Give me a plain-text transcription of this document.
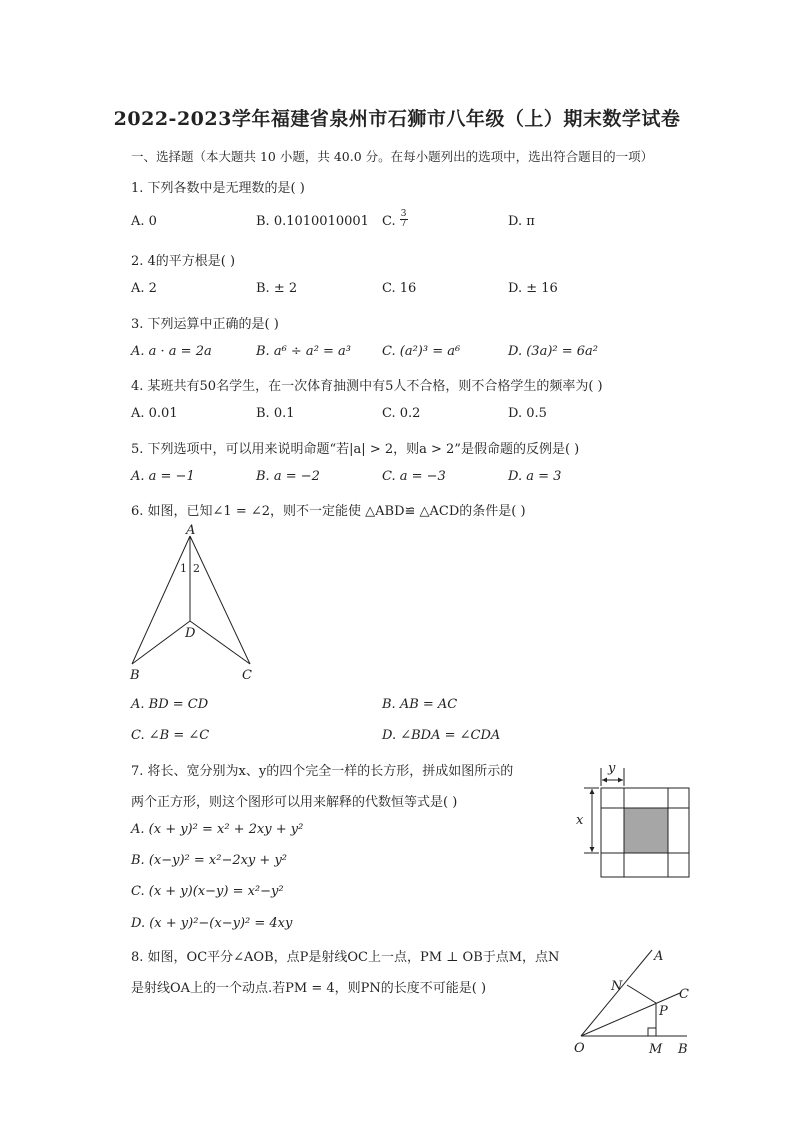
2022-2023学年福建省泉州市石狮市八年级（上）期末数学试卷
一、选择题（本大题共 10 小题，共 40.0 分。在每小题列出的选项中，选出符合题目的一项）
1. 下列各数中是无理数的是( )
A. 0	B. 0.1010010001 C. $\frac{3}{7}$	D. π
2. 4的平方根是( )
A. 2	B. ± 2	C. 16	D. ± 16
3. 下列运算中正确的是( )
A. a · a = 2a	B. a⁶ ÷ a² = a³ C. (a²)³ = a⁶	D. (3a)² = 6a²
4. 某班共有50名学生，在一次体育抽测中有5人不合格，则不合格学生的频率为( )
A. 0.01	B. 0.1	C. 0.2	D. 0.5
5. 下列选项中，可以用来说明命题“若|a| > 2，则a > 2”是假命题的反例是( )
A. a = −1	B. a = −2	C. a = −3	D. a = 3
6. 如图，已知∠1 = ∠2，则不一定能使 △ABD≌ △ACD的条件是( )
A
1 2
D
B	C
A. BD = CD	B. AB = AC
C. ∠B = ∠C	D. ∠BDA = ∠CDA
7. 将长、宽分别为x、y的四个完全一样的长方形，拼成如图所示的
两个正方形，则这个图形可以用来解释的代数恒等式是( )
A. (x + y)² = x² + 2xy + y²
B. (x−y)² = x²−2xy + y²
C. (x + y)(x−y) = x²−y²
D. (x + y)²−(x−y)² = 4xy
y
x
8. 如图，OC平分∠AOB，点P是射线OC上一点，PM ⊥ OB于点M，点N
是射线OA上的一个动点.若PM = 4，则PN的长度不可能是( )
A
C
N
P
O	M B
